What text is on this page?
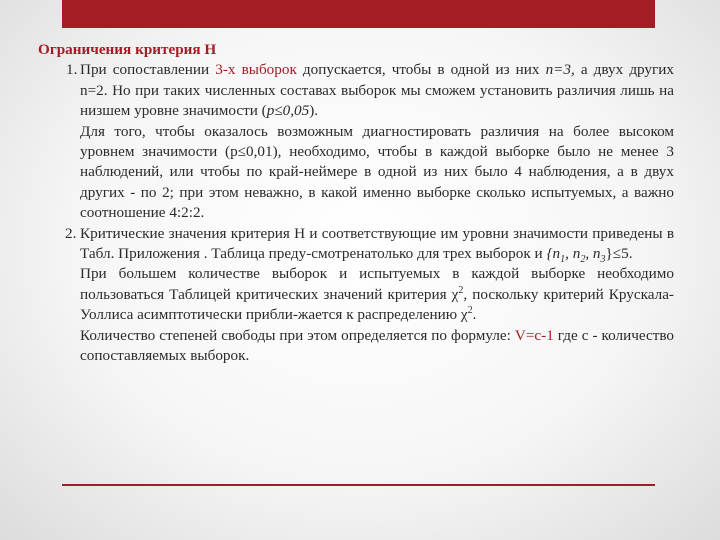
Ограничения критерия Н
1. При сопоставлении 3-х выборок допускается, чтобы в одной из них n=3, а двух других n=2. Но при таких численных составах выборок мы сможем установить различия лишь на низшем уровне значимости (p≤0,05).

Для того, чтобы оказалось возможным диагностировать различия на более высоком уровнем значимости (p≤0,01), необходимо, чтобы в каждой выборке было не менее 3 наблюдений, или чтобы по край-неймере в одной из них было 4 наблюдения, а в двух других - по 2; при этом неважно, в какой именно выборке сколько испытуемых, а важно соотношение 4:2:2.

2. Критические значения критерия Н и соответствующие им уровни значимости приведены в Табл. Приложения . Таблица преду-смотренатолько для трех выборок и {$n_1$, $n_2$, $n_3\}\le 5$.

При большем количестве выборок и испытуемых в каждой выборке необходимо пользоваться Таблицей критических значений критерия $\chi^2$, поскольку критерий Крускала-Уоллиса асимптотически прибли-жается к распределению $\chi^2$.

Количество степеней свободы при этом определяется по формуле: V=c-1 где с - количество сопоставляемых выборок.
